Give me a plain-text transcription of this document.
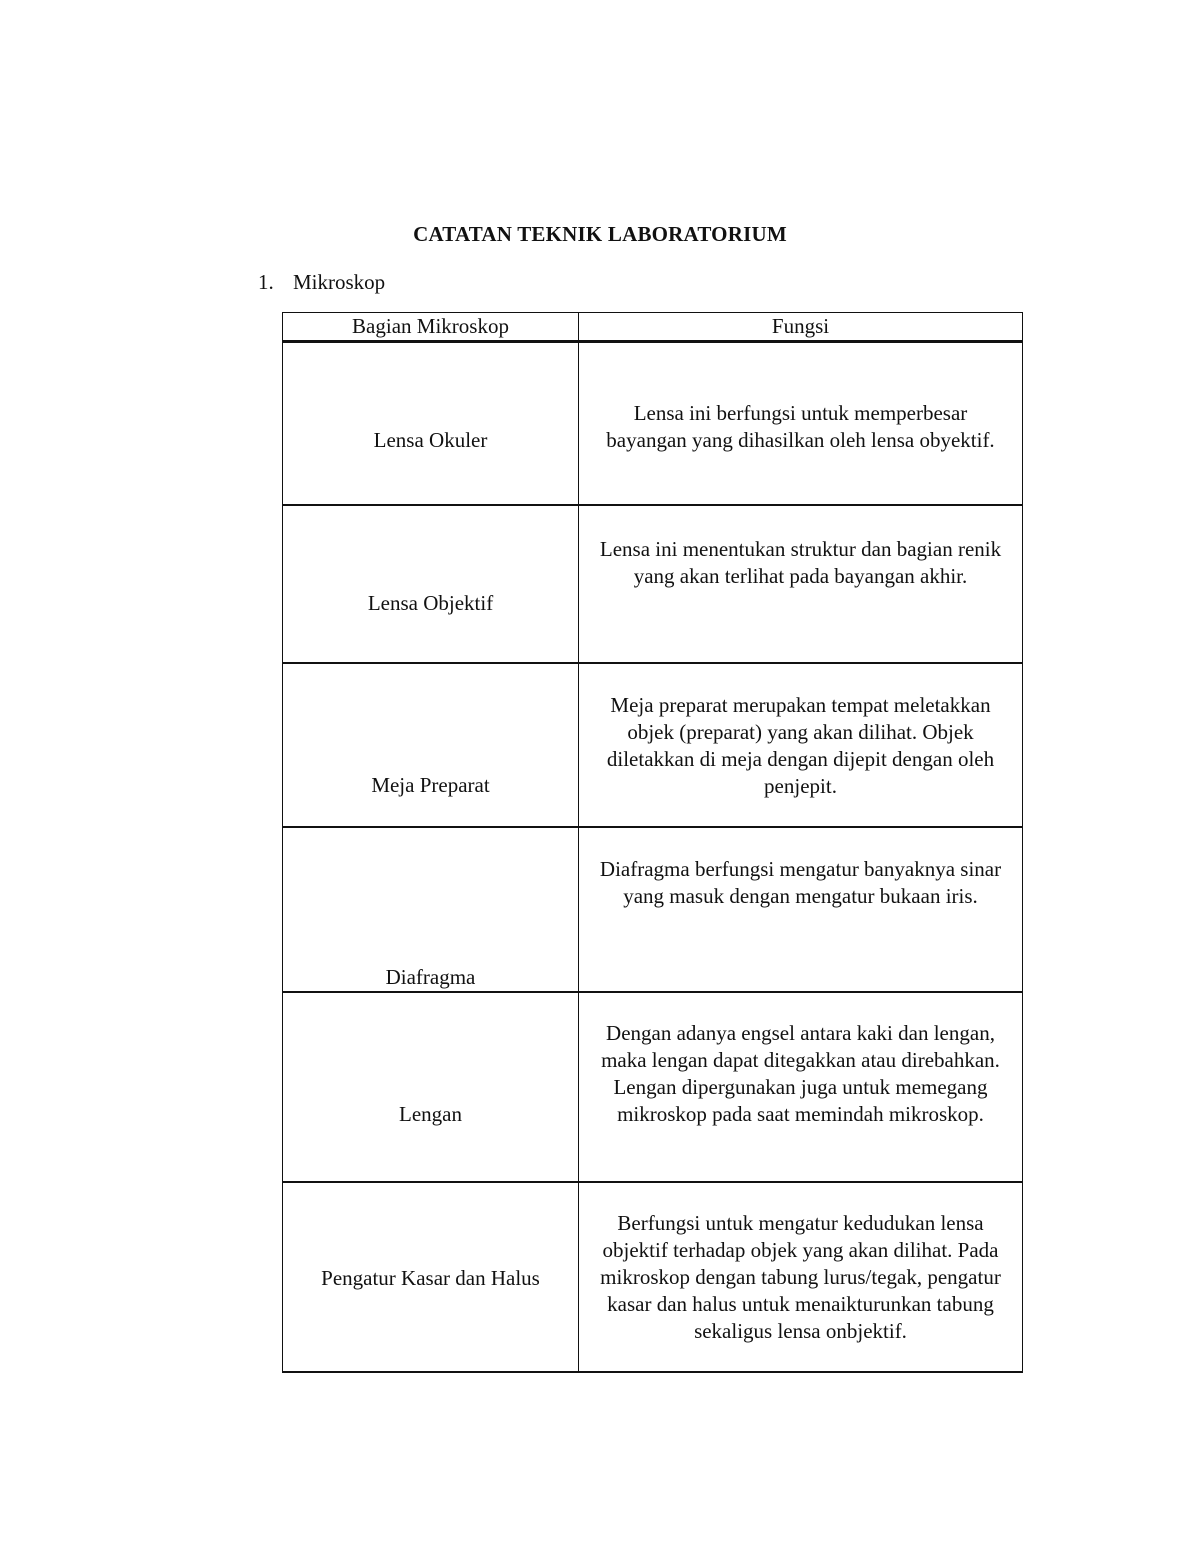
CATATAN TEKNIK LABORATORIUM
1. Mikroskop
Bagian Mikroskop	Fungsi
Lensa Okuler	Lensa ini berfungsi untuk memperbesar bayangan yang dihasilkan oleh lensa obyektif.
Lensa Objektif	Lensa ini menentukan struktur dan bagian renik yang akan terlihat pada bayangan akhir.
Meja Preparat	Meja preparat merupakan tempat meletakkan objek (preparat) yang akan dilihat. Objek diletakkan di meja dengan dijepit dengan oleh penjepit.
Diafragma	Diafragma berfungsi mengatur banyaknya sinar yang masuk dengan mengatur bukaan iris.
Lengan	Dengan adanya engsel antara kaki dan lengan, maka lengan dapat ditegakkan atau direbahkan. Lengan dipergunakan juga untuk memegang mikroskop pada saat memindah mikroskop.
Pengatur Kasar dan Halus	Berfungsi untuk mengatur kedudukan lensa objektif terhadap objek yang akan dilihat. Pada mikroskop dengan tabung lurus/tegak, pengatur kasar dan halus untuk menaikturunkan tabung sekaligus lensa onbjektif.
